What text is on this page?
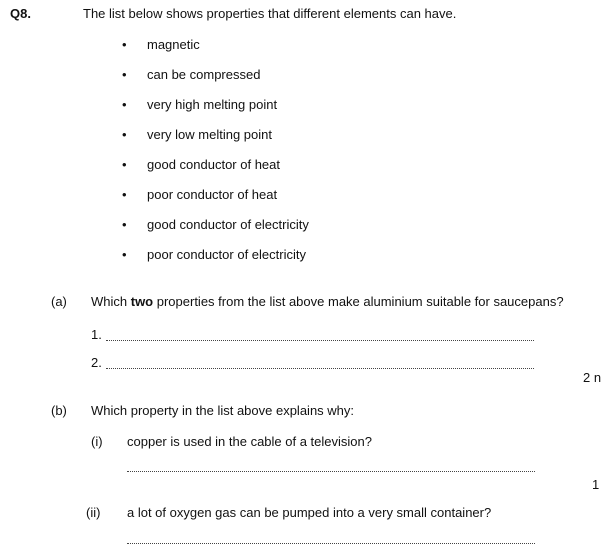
Q8.	The list below shows properties that different elements can have.
• magnetic
• can be compressed
• very high melting point
• very low melting point
• good conductor of heat
• poor conductor of heat
• good conductor of electricity
• poor conductor of electricity
(a) Which two properties from the list above make aluminium suitable for saucepans?
1.
2.
2 n
(b) Which property in the list above explains why:
(i) copper is used in the cable of a television?
1
(ii) a lot of oxygen gas can be pumped into a very small container?
